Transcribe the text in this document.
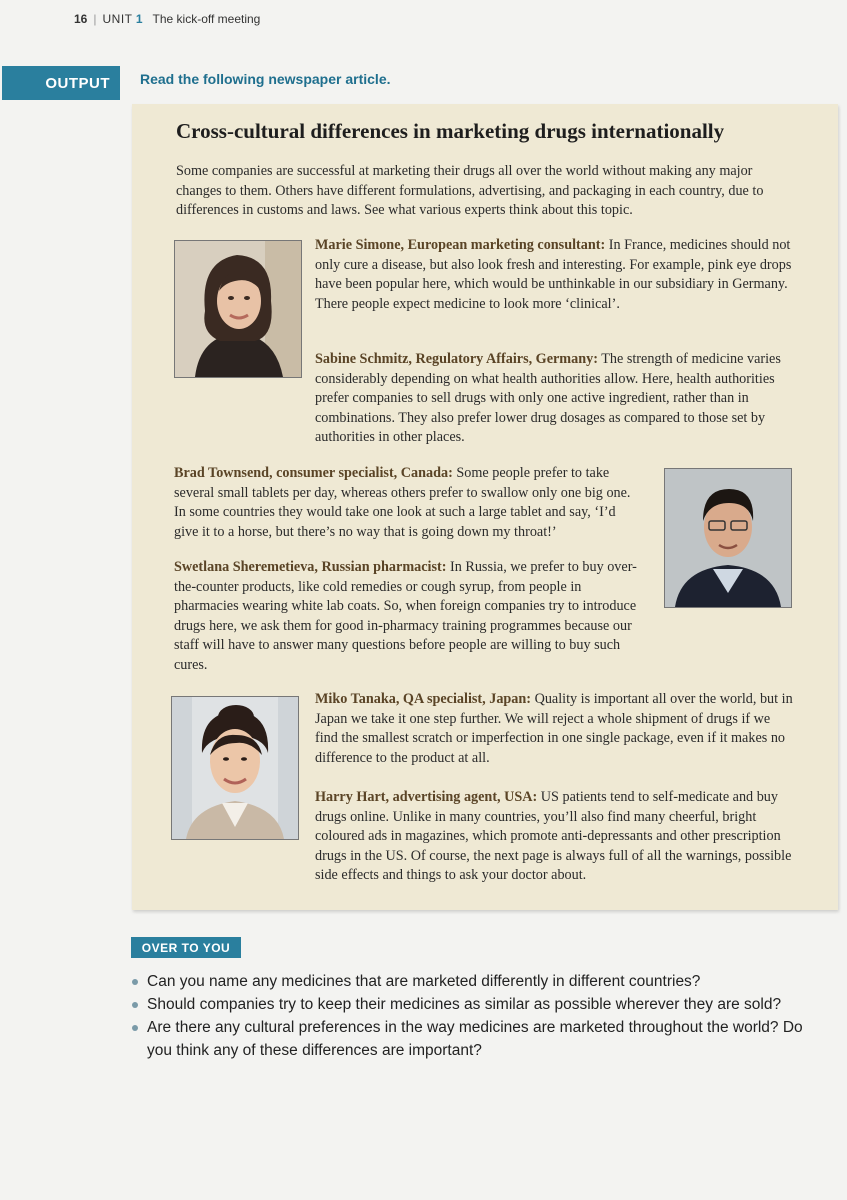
16 | UNIT 1 The kick-off meeting
OUTPUT	Read the following newspaper article.
Cross-cultural differences in marketing drugs internationally
Some companies are successful at marketing their drugs all over the world without making any major changes to them. Others have different formulations, advertising, and packaging in each country, due to differences in customs and laws. See what various experts think about this topic.

Marie Simone, European marketing consultant: In France, medicines should not only cure a disease, but also look fresh and interesting. For example, pink eye drops have been popular here, which would be unthinkable in our subsidiary in Germany. There people expect medicine to look more ‘clinical’.

Sabine Schmitz, Regulatory Affairs, Germany: The strength of medicine varies considerably depending on what health authorities allow. Here, health authorities prefer companies to sell drugs with only one active ingredient, rather than in combinations. They also prefer lower drug dosages as compared to those set by authorities in other places.

Brad Townsend, consumer specialist, Canada: Some people prefer to take several small tablets per day, whereas others prefer to swallow only one big one. In some countries they would take one look at such a large tablet and say, ‘I’d give it to a horse, but there’s no way that is going down my throat!’

Swetlana Sheremetieva, Russian pharmacist: In Russia, we prefer to buy over-the-counter products, like cold remedies or cough syrup, from people in pharmacies wearing white lab coats. So, when foreign companies try to introduce drugs here, we ask them for good in-pharmacy training programmes because our staff will have to answer many questions before people are willing to buy such cures.

Miko Tanaka, QA specialist, Japan: Quality is important all over the world, but in Japan we take it one step further. We will reject a whole shipment of drugs if we find the smallest scratch or imperfection in one single package, even if it makes no difference to the product at all.

Harry Hart, advertising agent, USA: US patients tend to self-medicate and buy drugs online. Unlike in many countries, you’ll also find many cheerful, bright coloured ads in magazines, which promote anti-depressants and other prescription drugs in the US. Of course, the next page is always full of all the warnings, possible side effects and things to ask your doctor about.

OVER TO YOU
Can you name any medicines that are marketed differently in different countries?
Should companies try to keep their medicines as similar as possible wherever they are sold?
Are there any cultural preferences in the way medicines are marketed throughout the world? Do you think any of these differences are important?
